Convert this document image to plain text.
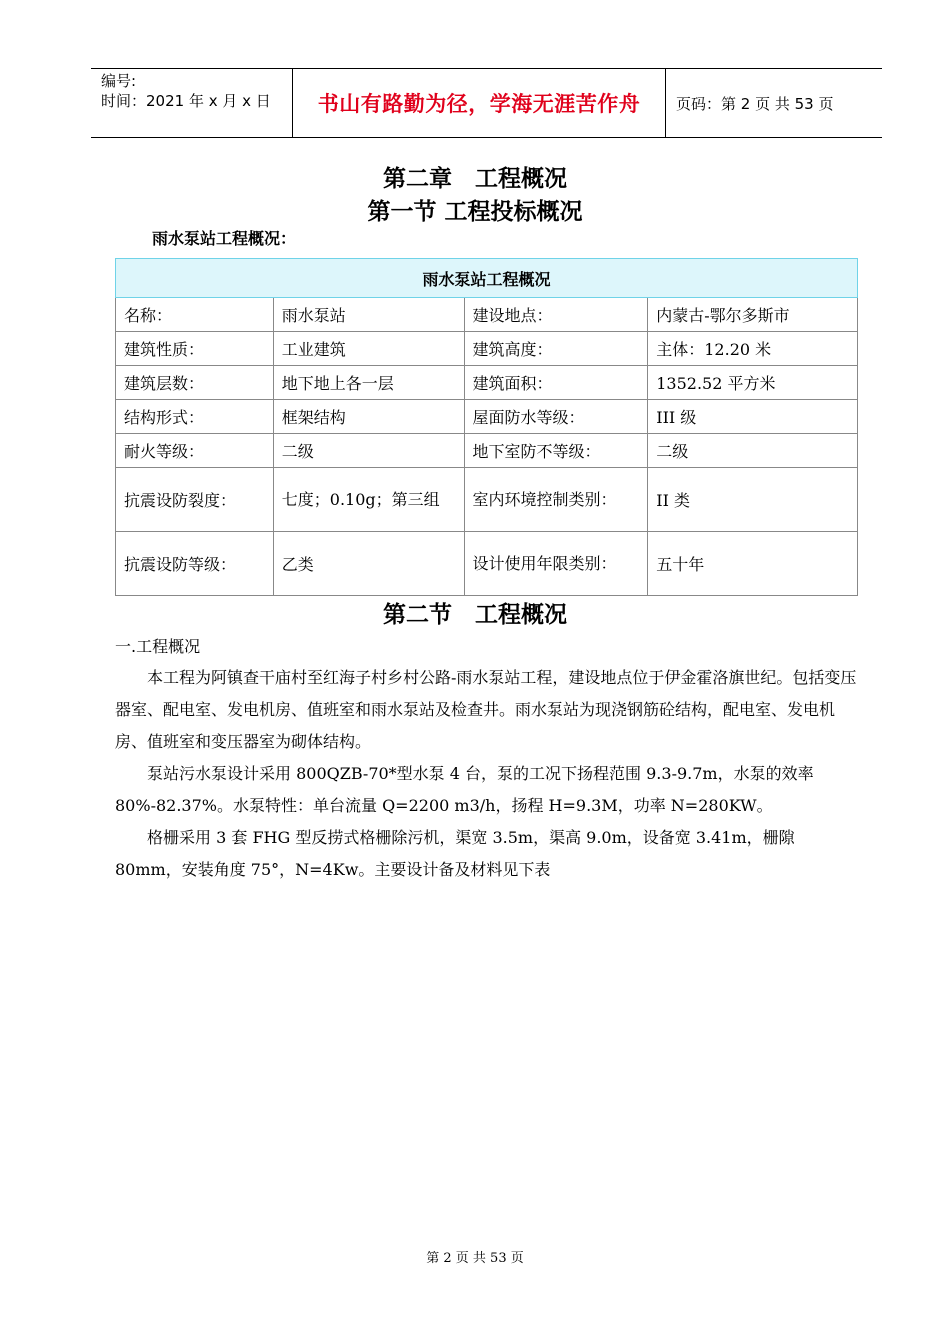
编号:
时间：2021 年 x 月 x 日 书山有路勤为径，学海无涯苦作舟	页码：第 2 页 共 53 页
第二章　工程概况
第一节 工程投标概况
雨水泵站工程概况：
雨水泵站工程概况			
名称：	雨水泵站	建设地点：	内蒙古-鄂尔多斯市
建筑性质：	工业建筑	建筑高度：	主体：12.20 米
建筑层数：	地下地上各一层	建筑面积：	1352.52 平方米
结构形式：	框架结构	屋面防水等级：	III 级
耐火等级：	二级	地下室防不等级：	二级
抗震设防裂度：	七度；0.10g；第三组	室内环境控制类别：	II 类
抗震设防等级：	乙类	设计使用年限类别：	五十年
第二节　工程概况
一.工程概况
本工程为阿镇查干庙村至红海子村乡村公路-雨水泵站工程，建设地点位于伊金霍洛旗世纪。包括变压器室、配电室、发电机房、值班室和雨水泵站及检查井。雨水泵站为现浇钢筋砼结构，配电室、发电机房、值班室和变压器室为砌体结构。
泵站污水泵设计采用 800QZB-70*型水泵 4 台，泵的工况下扬程范围 9.3-9.7m，水泵的效率 80%-82.37%。水泵特性：单台流量 Q=2200 m3/h，扬程 H=9.3M，功率 N=280KW。
格栅采用 3 套 FHG 型反捞式格栅除污机，渠宽 3.5m，渠高 9.0m，设备宽 3.41m，栅隙 80mm，安装角度 75°，N=4Kw。主要设计备及材料见下表
第 2 页 共 53 页
